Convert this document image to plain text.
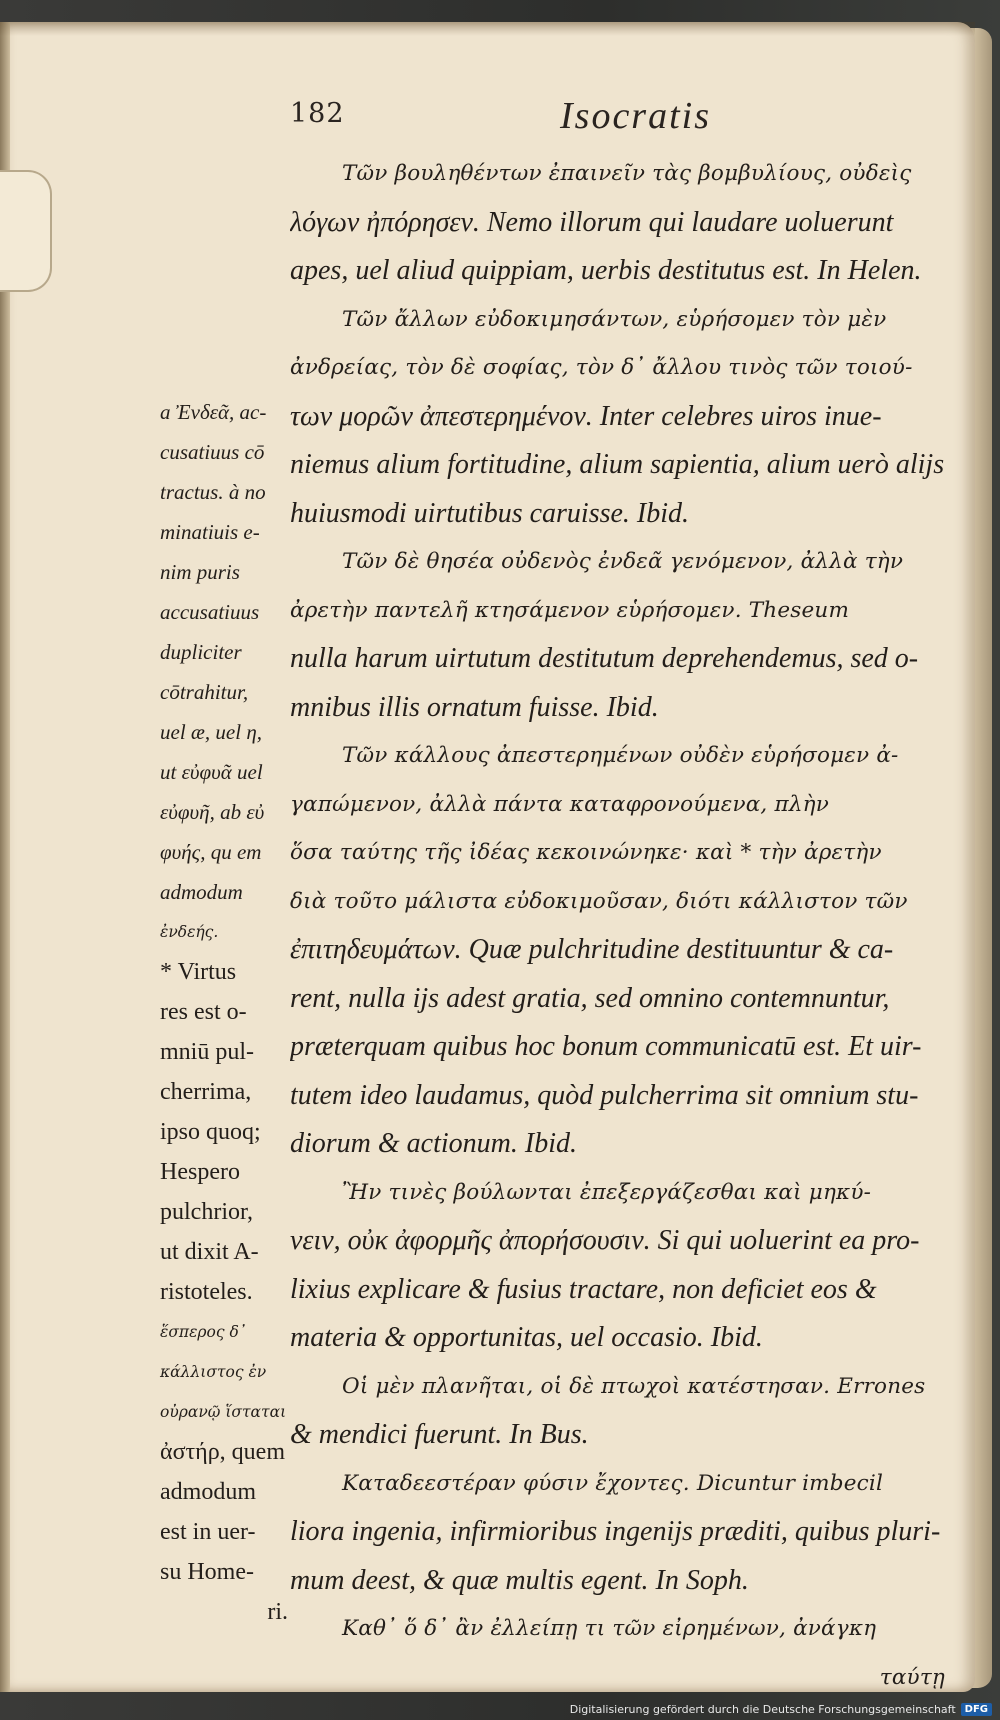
182	Isocratis
Τῶν βουληθέντων ἐπαινεῖν τὰς βομβυλίους, οὐδεὶς
λόγων ἠπόρησεν. Nemo illorum qui laudare uoluerunt
apes, uel aliud quippiam, uerbis destitutus est. In Helen.
Τῶν ἄλλων εὐδοκιμησάντων, εὑρήσομεν τὸν μὲν
ἀνδρείας, τὸν δὲ σοφίας, τὸν δ᾽ ἄλλου τινὸς τῶν τοιού-
των μορῶν ἀπεστερημένον. Inter celebres uiros inue-
niemus alium fortitudine, alium sapientia, alium uerò alijs
huiusmodi uirtutibus caruisse. Ibid.
Τῶν δὲ θησέα οὐδενὸς ἐνδεᾶ γενόμενον, ἀλλὰ τὴν
ἀρετὴν παντελῆ κτησάμενον εὑρήσομεν. Theseum
nulla harum uirtutum destitutum deprehendemus, sed o-
mnibus illis ornatum fuisse. Ibid.
Τῶν κάλλους ἀπεστερημένων οὐδὲν εὑρήσομεν ἀ-
γαπώμενον, ἀλλὰ πάντα καταφρονούμενα, πλὴν
ὅσα ταύτης τῆς ἰδέας κεκοινώνηκε· καὶ * τὴν ἀρετὴν
διὰ τοῦτο μάλιστα εὐδοκιμοῦσαν, διότι κάλλιστον τῶν
ἐπιτηδευμάτων. Quæ pulchritudine destituuntur & ca-
rent, nulla ijs adest gratia, sed omnino contemnuntur,
præterquam quibus hoc bonum communicatū est. Et uir-
tutem ideo laudamus, quòd pulcherrima sit omnium stu-
diorum & actionum. Ibid.
Ἢν τινὲς βούλωνται ἐπεξεργάζεσθαι καὶ μηκύ-
νειν, οὐκ ἀφορμῆς ἀπορήσουσιν. Si qui uoluerint ea pro-
lixius explicare & fusius tractare, non deficiet eos &
materia & opportunitas, uel occasio. Ibid.
Οἱ μὲν πλανῆται, οἱ δὲ πτωχοὶ κατέστησαν. Errones
& mendici fuerunt. In Bus.
Καταδεεστέραν φύσιν ἔχοντες. Dicuntur imbecil
liora ingenia, infirmioribus ingenijs præditi, quibus pluri-
mum deest, & quæ multis egent. In Soph.
Καθ᾽ ὅ δ᾽ ἂν ἐλλείπῃ τι τῶν εἰρημένων, ἀνάγκη
ταύτῃ
a Ἐνδεᾶ, ac-
cusatiuus cō
tractus. à no
minatiuis e-
nim puris
accusatiuus
dupliciter
cōtrahitur,
uel æ, uel η,
ut εὐφυᾶ uel
εὐφυῆ, ab εὐ
φυής, qu em
admodum
ἐνδεής.
* Virtus
res est o-
mniū pul-
cherrima,
ipso quoq;
Hespero
pulchrior,
ut dixit A-
ristoteles.
ἕσπερος δ᾽
κάλλιστος ἐν
οὐρανῷ ἵσταται
ἀστήρ, quem
admodum
est in uer-
su Home-
ri.
Digitalisierung gefördert durch die Deutsche Forschungsgemeinschaft DFG
